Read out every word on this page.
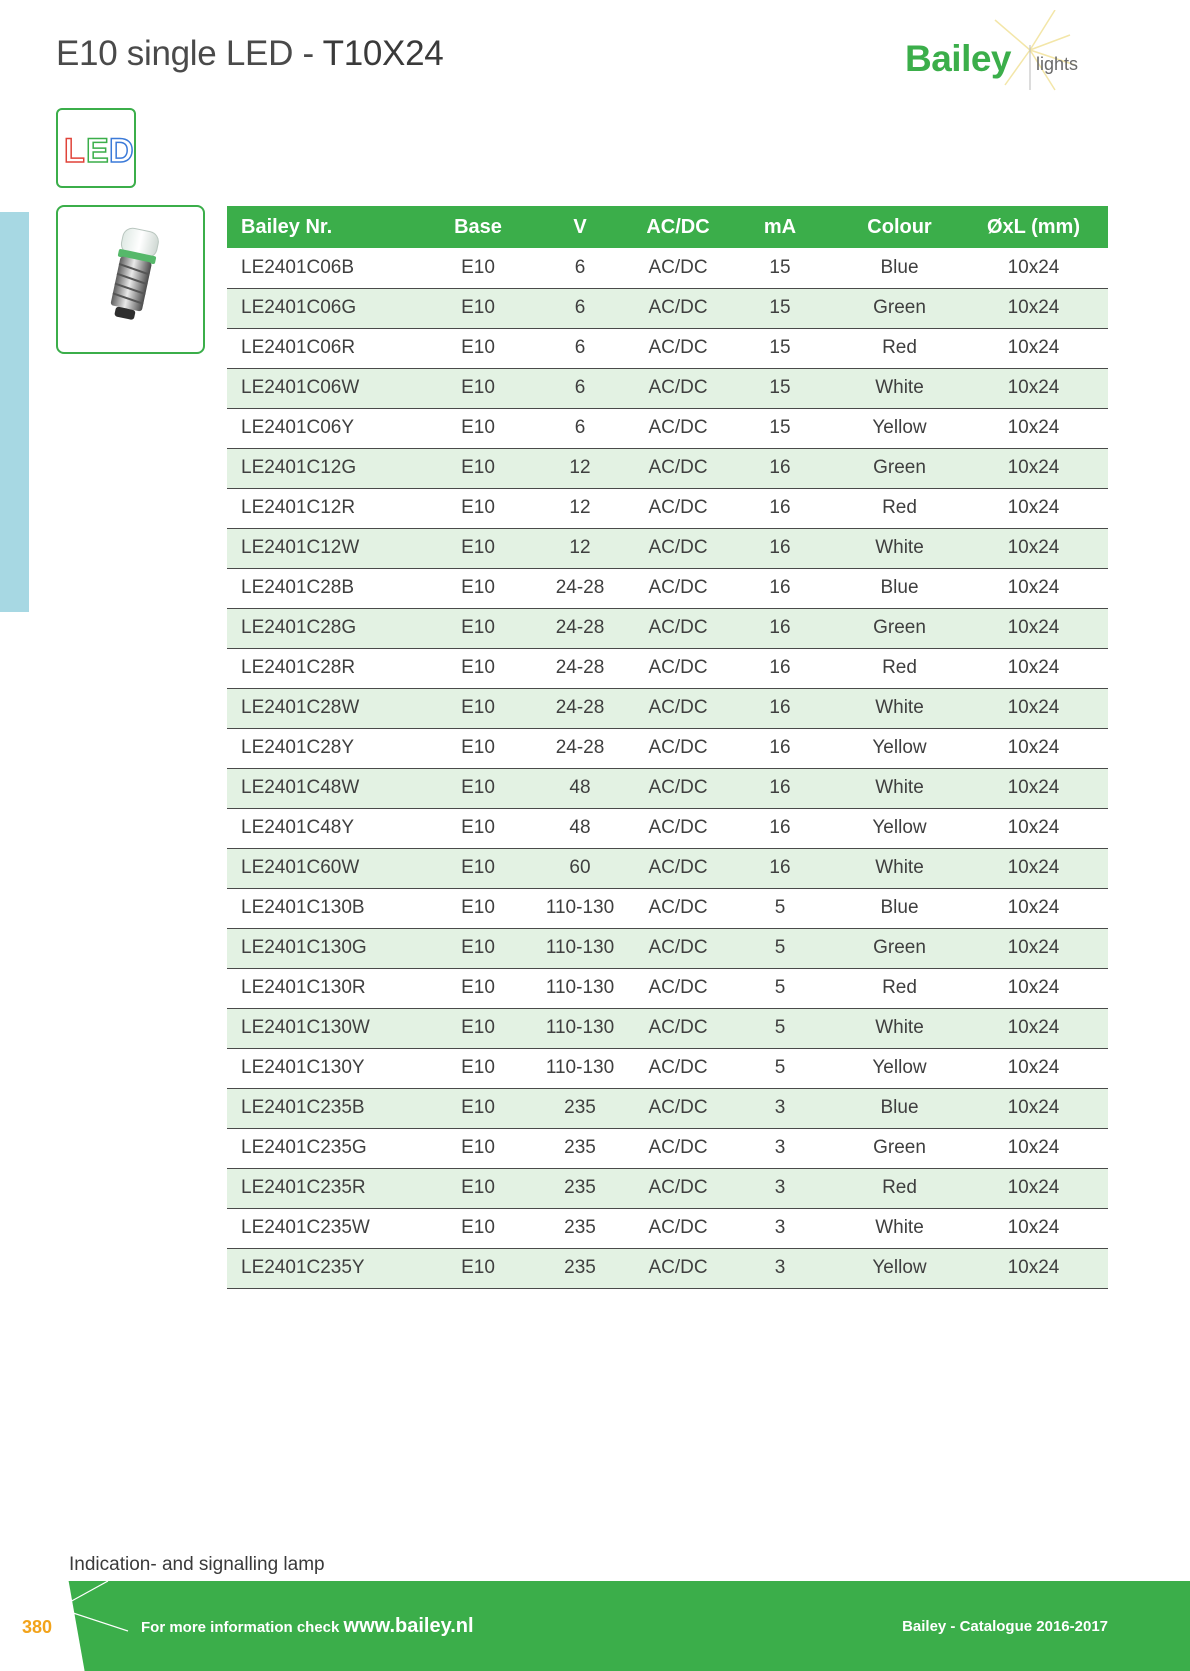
E10 single LED - T10X24	Bailey lights
L E D
Bailey Nr.	Base	V	AC/DC	mA	Colour	ØxL (mm)
LE2401C06B	E10	6	AC/DC	15	Blue	10x24
LE2401C06G	E10	6	AC/DC	15	Green	10x24
LE2401C06R	E10	6	AC/DC	15	Red	10x24
LE2401C06W	E10	6	AC/DC	15	White	10x24
LE2401C06Y	E10	6	AC/DC	15	Yellow	10x24
LE2401C12G	E10	12	AC/DC	16	Green	10x24
LE2401C12R	E10	12	AC/DC	16	Red	10x24
LE2401C12W	E10	12	AC/DC	16	White	10x24
LE2401C28B	E10	24-28	AC/DC	16	Blue	10x24
LE2401C28G	E10	24-28	AC/DC	16	Green	10x24
LE2401C28R	E10	24-28	AC/DC	16	Red	10x24
LE2401C28W	E10	24-28	AC/DC	16	White	10x24
LE2401C28Y	E10	24-28	AC/DC	16	Yellow	10x24
LE2401C48W	E10	48	AC/DC	16	White	10x24
LE2401C48Y	E10	48	AC/DC	16	Yellow	10x24
LE2401C60W	E10	60	AC/DC	16	White	10x24
LE2401C130B	E10	110-130	AC/DC	5	Blue	10x24
LE2401C130G	E10	110-130	AC/DC	5	Green	10x24
LE2401C130R	E10	110-130	AC/DC	5	Red	10x24
LE2401C130W	E10	110-130	AC/DC	5	White	10x24
LE2401C130Y	E10	110-130	AC/DC	5	Yellow	10x24
LE2401C235B	E10	235	AC/DC	3	Blue	10x24
LE2401C235G	E10	235	AC/DC	3	Green	10x24
LE2401C235R	E10	235	AC/DC	3	Red	10x24
LE2401C235W	E10	235	AC/DC	3	White	10x24
LE2401C235Y	E10	235	AC/DC	3	Yellow	10x24
Indication- and signalling lamp
380	For more information check www.bailey.nl	Bailey - Catalogue 2016-2017
